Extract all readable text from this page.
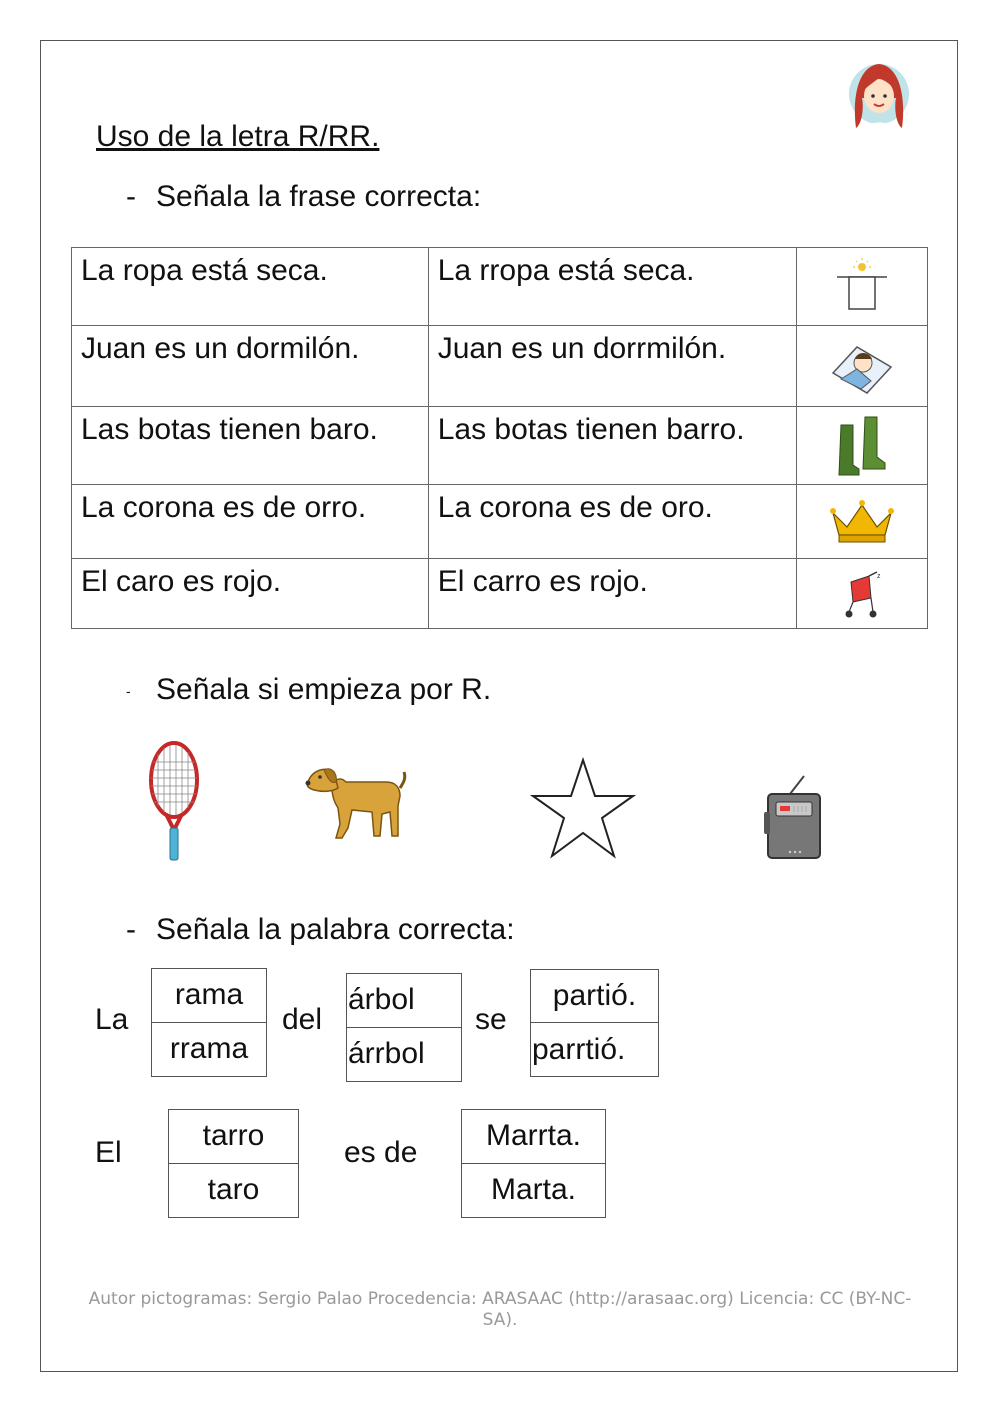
Uso de la letra R/RR.
- Señala la frase correcta:
La ropa está seca.	La rropa está seca.	

Juan es un dormilón.	Juan es un dorrmilón.	

Las botas tienen baro.	Las botas tienen barro.	

La corona es de orro.	La corona es de oro.	

El caro es rojo.	El carro es rojo.	z
- Señala si empieza por R.
- Señala la palabra correcta:
La
rama
rrama
del
árbol
árrbol
se
partió.
parrtió.
El
tarro
taro
es de
Marrta.
Marta.
Autor pictogramas: Sergio Palao Procedencia: ARASAAC (http://arasaac.org) Licencia: CC (BY-NC-SA).
